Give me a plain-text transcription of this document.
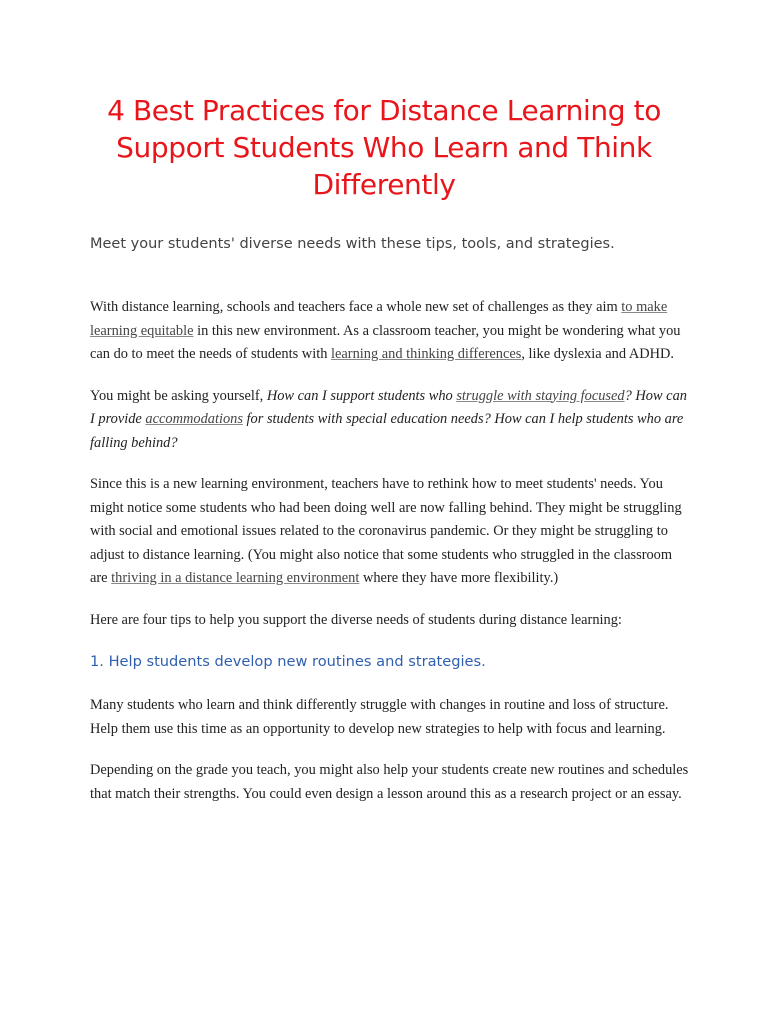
4 Best Practices for Distance Learning to Support Students Who Learn and Think Differently

Meet your students' diverse needs with these tips, tools, and strategies.

With distance learning, schools and teachers face a whole new set of challenges as they aim to make learning equitable in this new environment. As a classroom teacher, you might be wondering what you can do to meet the needs of students with learning and thinking differences, like dyslexia and ADHD.

You might be asking yourself, How can I support students who struggle with staying focused? How can I provide accommodations for students with special education needs? How can I help students who are falling behind?

Since this is a new learning environment, teachers have to rethink how to meet students' needs. You might notice some students who had been doing well are now falling behind. They might be struggling with social and emotional issues related to the coronavirus pandemic. Or they might be struggling to adjust to distance learning. (You might also notice that some students who struggled in the classroom are thriving in a distance learning environment where they have more flexibility.)

Here are four tips to help you support the diverse needs of students during distance learning:

1. Help students develop new routines and strategies.

Many students who learn and think differently struggle with changes in routine and loss of structure. Help them use this time as an opportunity to develop new strategies to help with focus and learning.

Depending on the grade you teach, you might also help your students create new routines and schedules that match their strengths. You could even design a lesson around this as a research project or an essay.
